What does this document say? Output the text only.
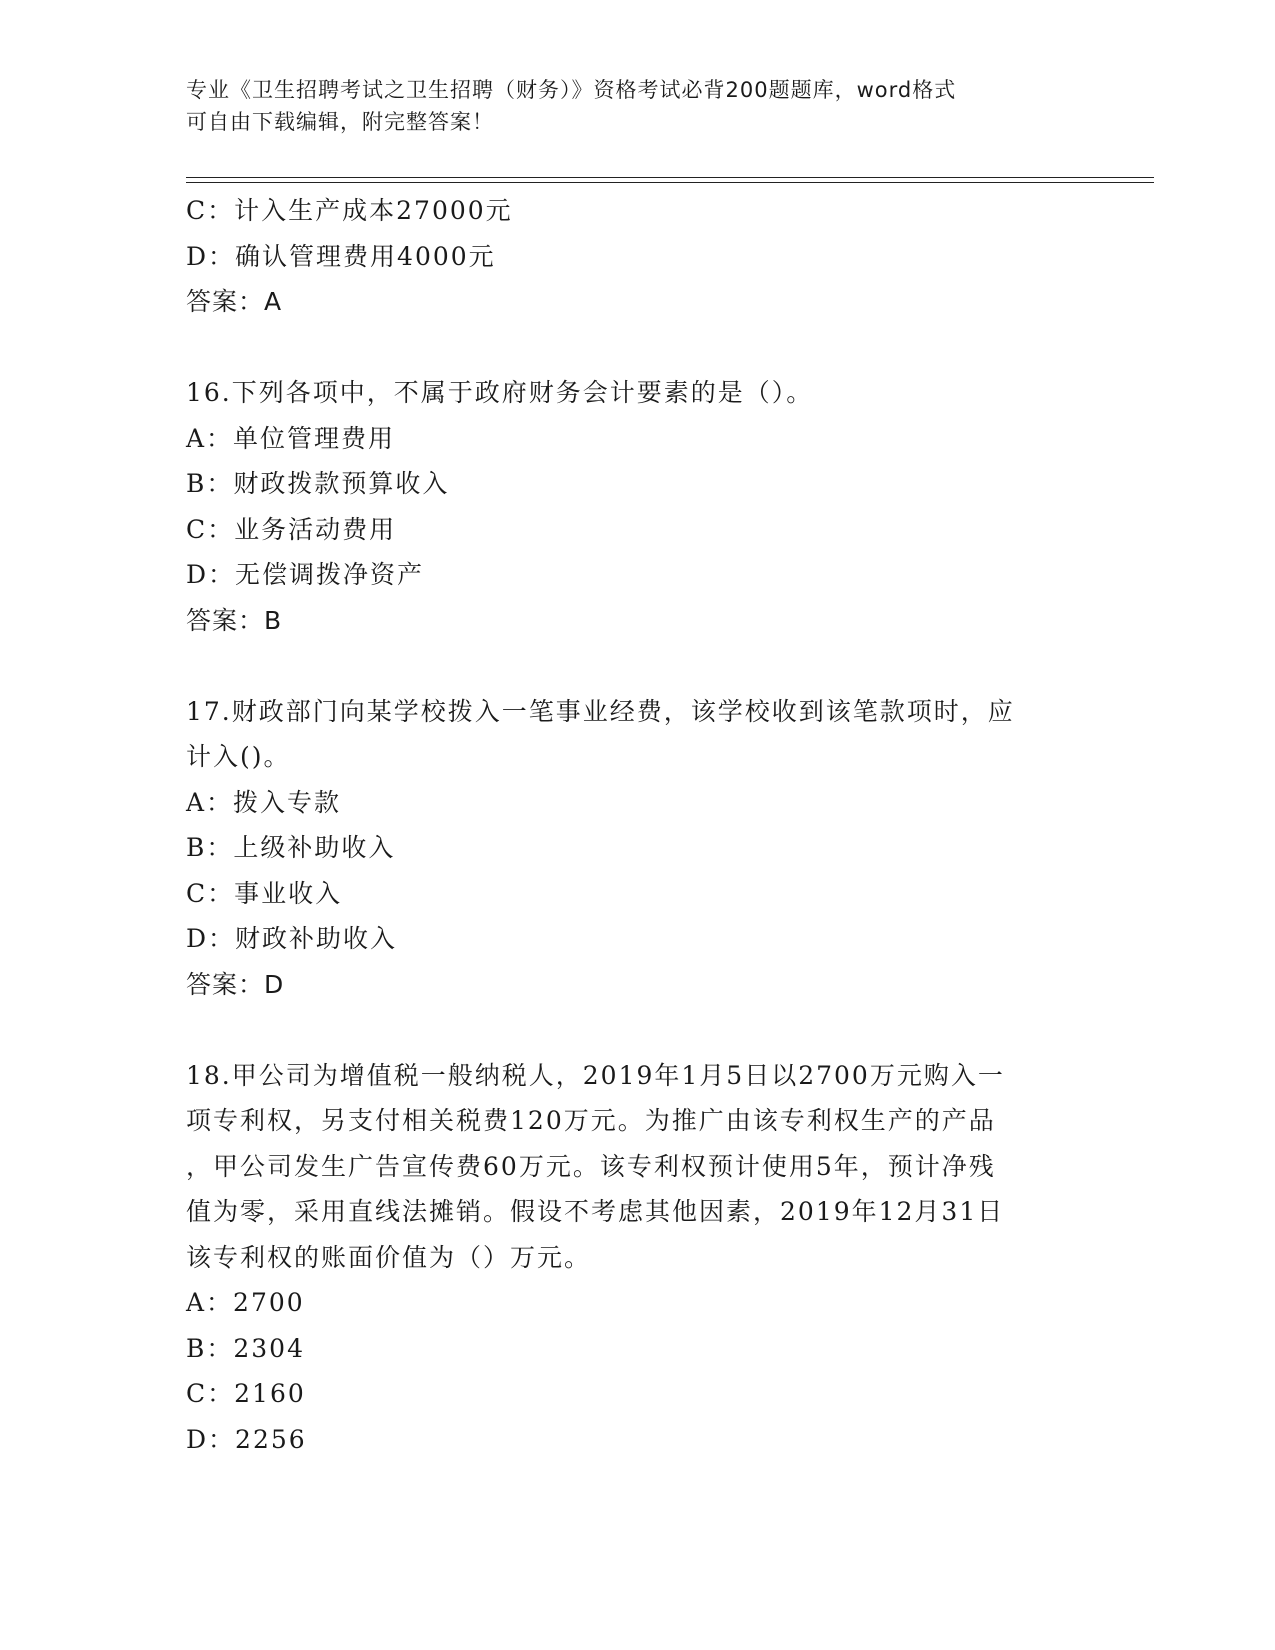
专业《卫生招聘考试之卫生招聘（财务）》资格考试必背200题题库，word格式
可自由下载编辑，附完整答案！
C：计入生产成本27000元
D：确认管理费用4000元
答案：A
16.下列各项中，不属于政府财务会计要素的是（）。
A：单位管理费用
B：财政拨款预算收入
C：业务活动费用
D：无偿调拨净资产
答案：B
17.财政部门向某学校拨入一笔事业经费，该学校收到该笔款项时，应
计入()。
A：拨入专款
B：上级补助收入
C：事业收入
D：财政补助收入
答案：D
18.甲公司为增值税一般纳税人，2019年1月5日以2700万元购入一
项专利权，另支付相关税费120万元。为推广由该专利权生产的产品
，甲公司发生广告宣传费60万元。该专利权预计使用5年，预计净残
值为零，采用直线法摊销。假设不考虑其他因素，2019年12月31日
该专利权的账面价值为（）万元。
A：2700
B：2304
C：2160
D：2256
